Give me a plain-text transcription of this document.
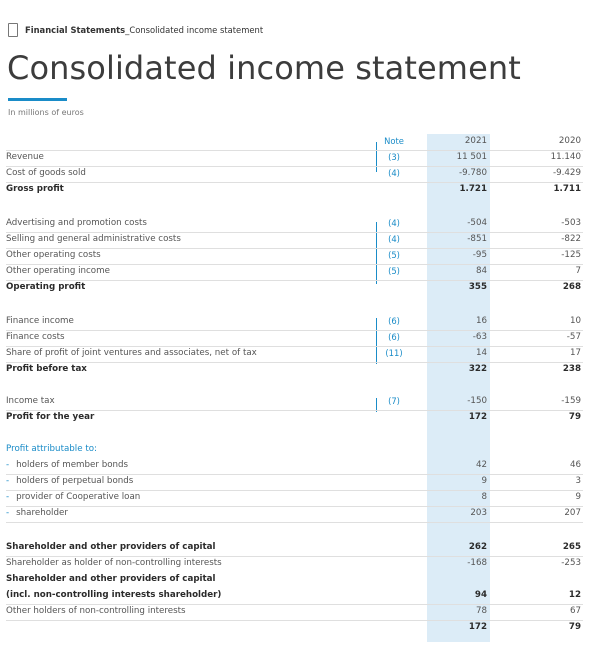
Financial Statements_Consolidated income statement
Consolidated income statement
In millions of euros
Note	2021	2020
Revenue	(3)	11 501	11.140
Cost of goods sold	(4)	-9.780	-9.429
Gross profit	1.721	1.711
Advertising and promotion costs	(4)	-504	-503
Selling and general administrative costs	(4)	-851	-822
Other operating costs	(5)	-95	-125
Other operating income	(5)	84	7
Operating profit	355	268
Finance income	(6)	16	10
Finance costs	(6)	-63	-57
Share of profit of joint ventures and associates, net of tax	(11)	14	17
Profit before tax	322	238
Income tax	(7)	-150	-159
Profit for the year	172	79
Profit attributable to:
- holders of member bonds	42	46
- holders of perpetual bonds	9	3
- provider of Cooperative loan	8	9
- shareholder	203	207
Shareholder and other providers of capital	262	265
Shareholder as holder of non-controlling interests	-168	-253
Shareholder and other providers of capital
(incl. non-controlling interests shareholder)	94	12
Other holders of non-controlling interests	78	67
172	79
